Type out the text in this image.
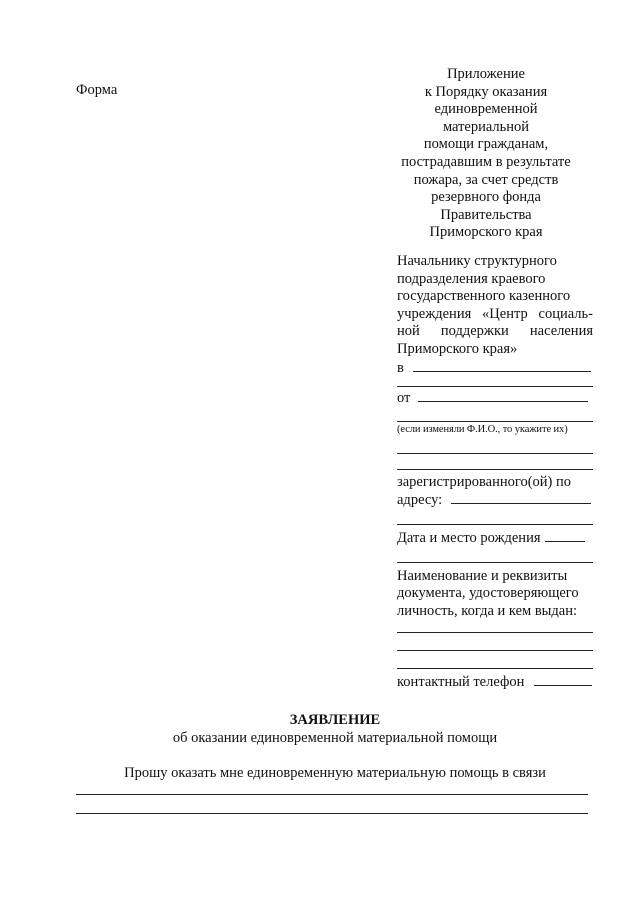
Форма
Приложение
к Порядку оказания
единовременной
материальной
помощи гражданам,
пострадавшим в результате
пожара, за счет средств
резервного фонда
Правительства
Приморского края
Начальнику структурного
подразделения краевого
государственного казенного
учреждения «Центр социаль-
ной поддержки населения
Приморского края»
в
от
(если изменяли Ф.И.О., то укажите их)
зарегистрированного(ой) по
адресу:
Дата и место рождения
Наименование и реквизиты
документа, удостоверяющего
личность, когда и кем выдан:
контактный телефон
ЗАЯВЛЕНИЕ
об оказании единовременной материальной помощи
Прошу оказать мне единовременную материальную помощь в связи
